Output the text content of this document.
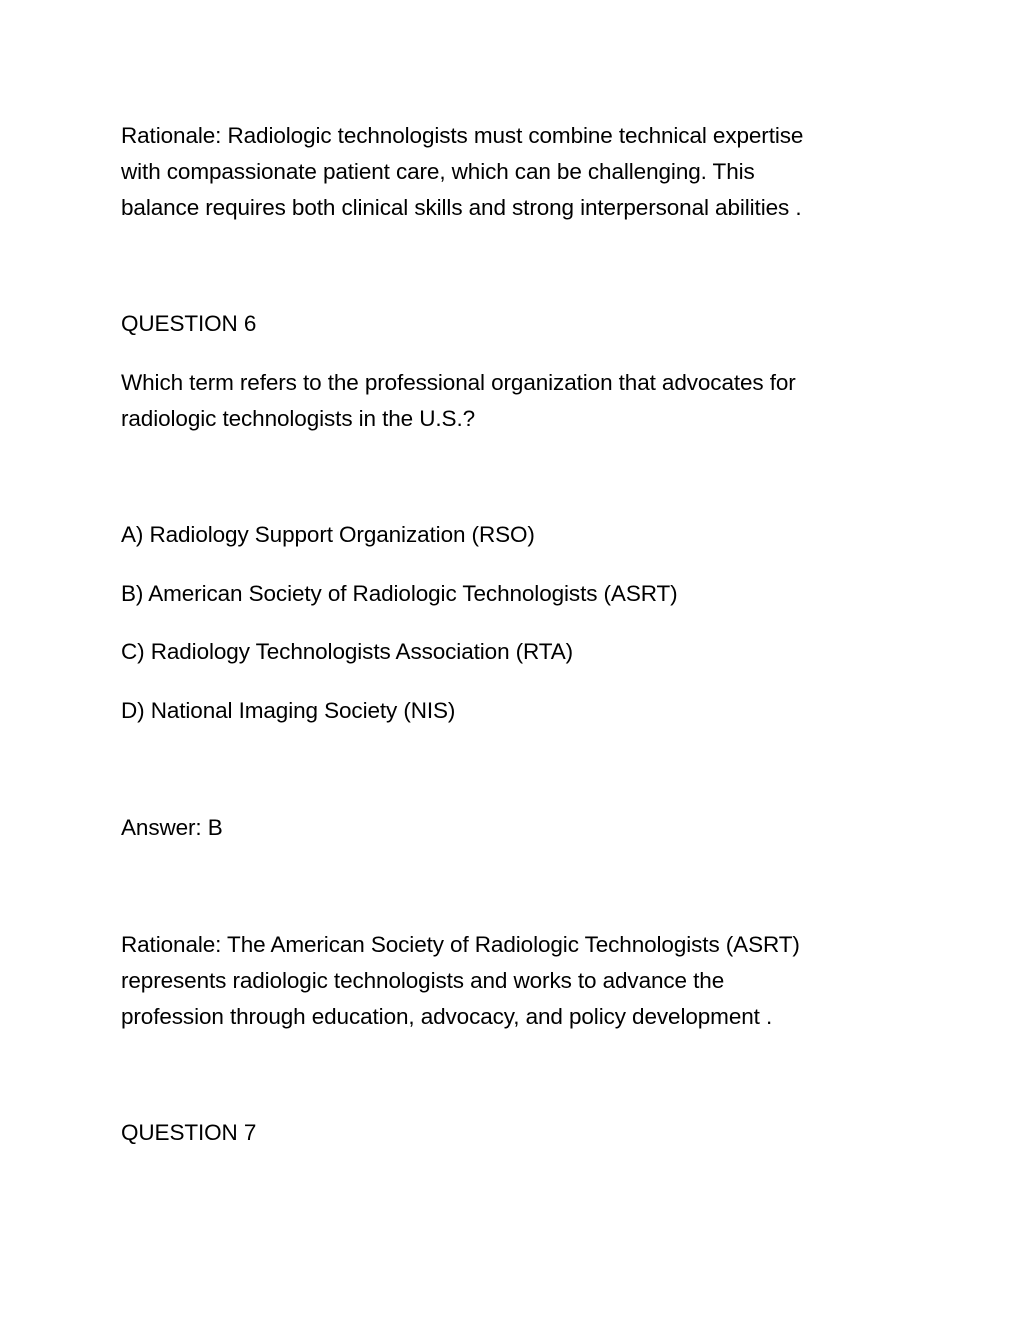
Rationale: Radiologic technologists must combine technical expertise
with compassionate patient care, which can be challenging. This
balance requires both clinical skills and strong interpersonal abilities .
QUESTION 6
Which term refers to the professional organization that advocates for
radiologic technologists in the U.S.?
A) Radiology Support Organization (RSO)
B) American Society of Radiologic Technologists (ASRT)
C) Radiology Technologists Association (RTA)
D) National Imaging Society (NIS)
Answer: B
Rationale: The American Society of Radiologic Technologists (ASRT)
represents radiologic technologists and works to advance the
profession through education, advocacy, and policy development .
QUESTION 7
